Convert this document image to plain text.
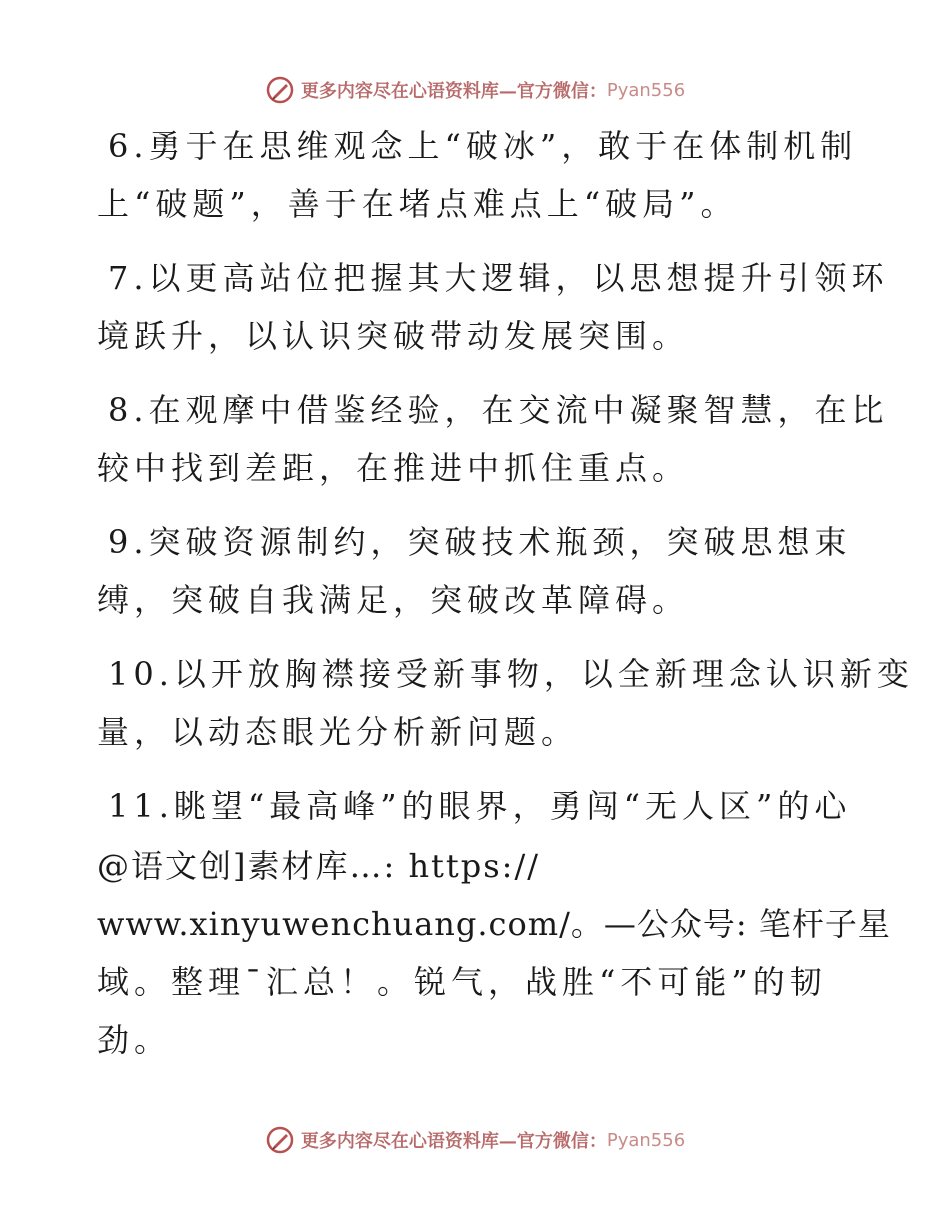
更多内容尽在心语资料库—官方微信： Pyan556
6.勇于在思维观念上“破冰”，敢于在体制机制
上“破题”，善于在堵点难点上“破局”。
7.以更高站位把握其大逻辑，以思想提升引领环
境跃升，以认识突破带动发展突围。
8.在观摩中借鉴经验，在交流中凝聚智慧，在比
较中找到差距，在推进中抓住重点。
9.突破资源制约，突破技术瓶颈，突破思想束
缚，突破自我满足，突破改革障碍。
10.以开放胸襟接受新事物，以全新理念认识新变
量，以动态眼光分析新问题。
11.眺望“最高峰”的眼界，勇闯“无人区”的心
@语文创]素材库…: https://
www.xinyuwenchuang.com/。—公众号: 笔杆子星
域。整理¯汇总！。锐气，战胜“不可能”的韧
劲。
更多内容尽在心语资料库—官方微信： Pyan556
